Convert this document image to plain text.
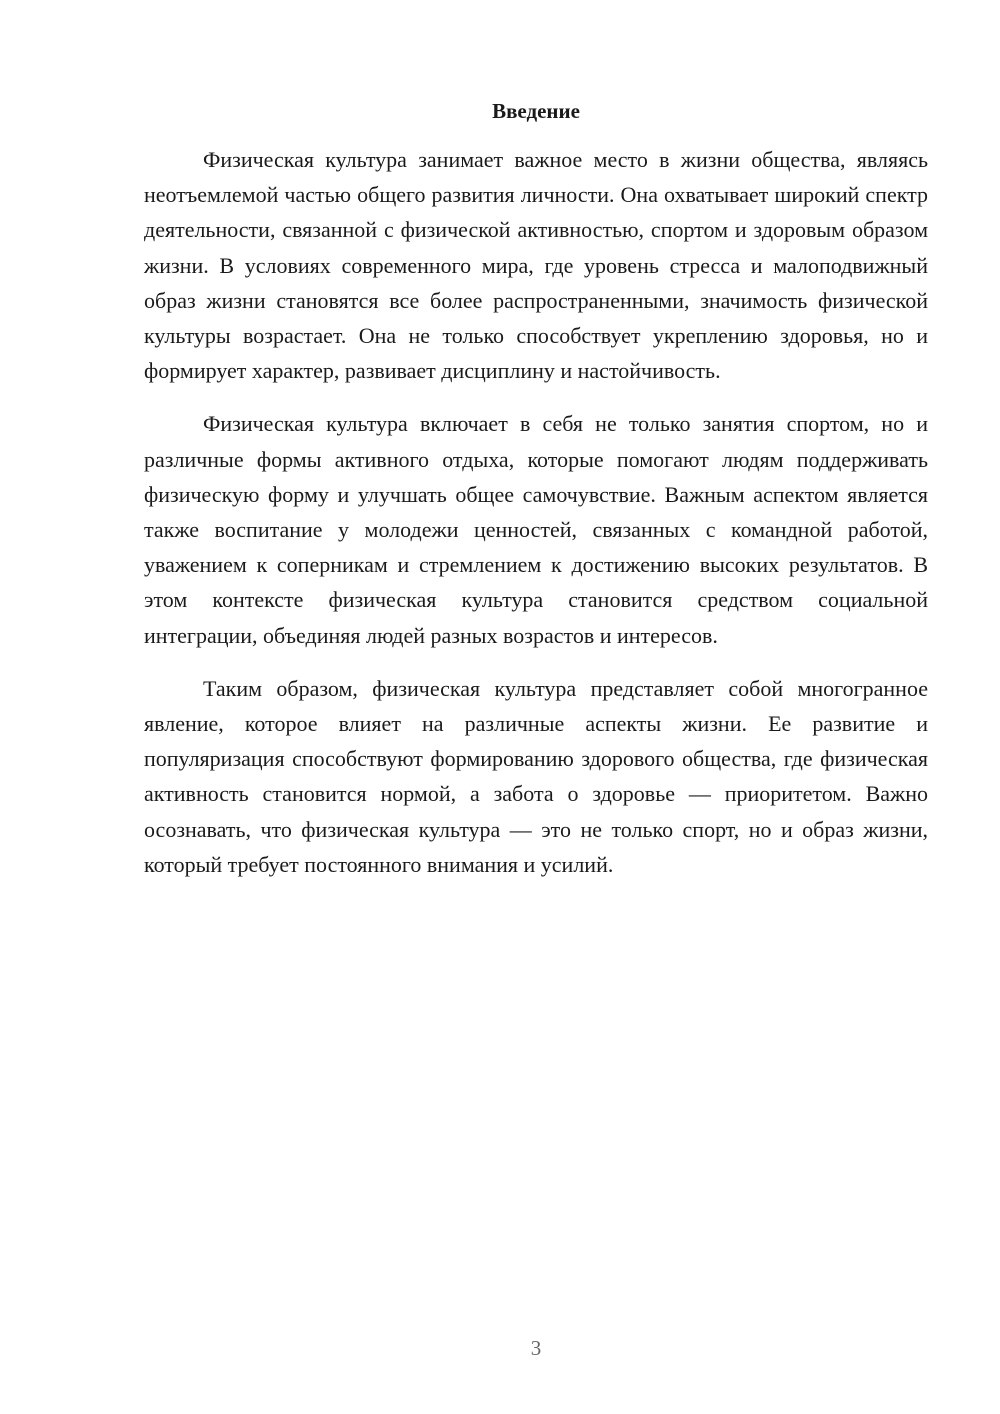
Введение

Физическая культура занимает важное место в жизни общества, являясь неотъемлемой частью общего развития личности. Она охватывает широкий спектр деятельности, связанной с физической активностью, спортом и здоровым образом жизни. В условиях современного мира, где уровень стресса и малоподвижный образ жизни становятся все более распространенными, значимость физической культуры возрастает. Она не только способствует укреплению здоровья, но и формирует характер, развивает дисциплину и настойчивость.

Физическая культура включает в себя не только занятия спортом, но и различные формы активного отдыха, которые помогают людям поддерживать физическую форму и улучшать общее самочувствие. Важным аспектом является также воспитание у молодежи ценностей, связанных с командной работой, уважением к соперникам и стремлением к достижению высоких результатов. В этом контексте физическая культура становится средством социальной интеграции, объединяя людей разных возрастов и интересов.

Таким образом, физическая культура представляет собой многогранное явление, которое влияет на различные аспекты жизни. Ее развитие и популяризация способствуют формированию здорового общества, где физическая активность становится нормой, а забота о здоровье — приоритетом. Важно осознавать, что физическая культура — это не только спорт, но и образ жизни, который требует постоянного внимания и усилий.

3
